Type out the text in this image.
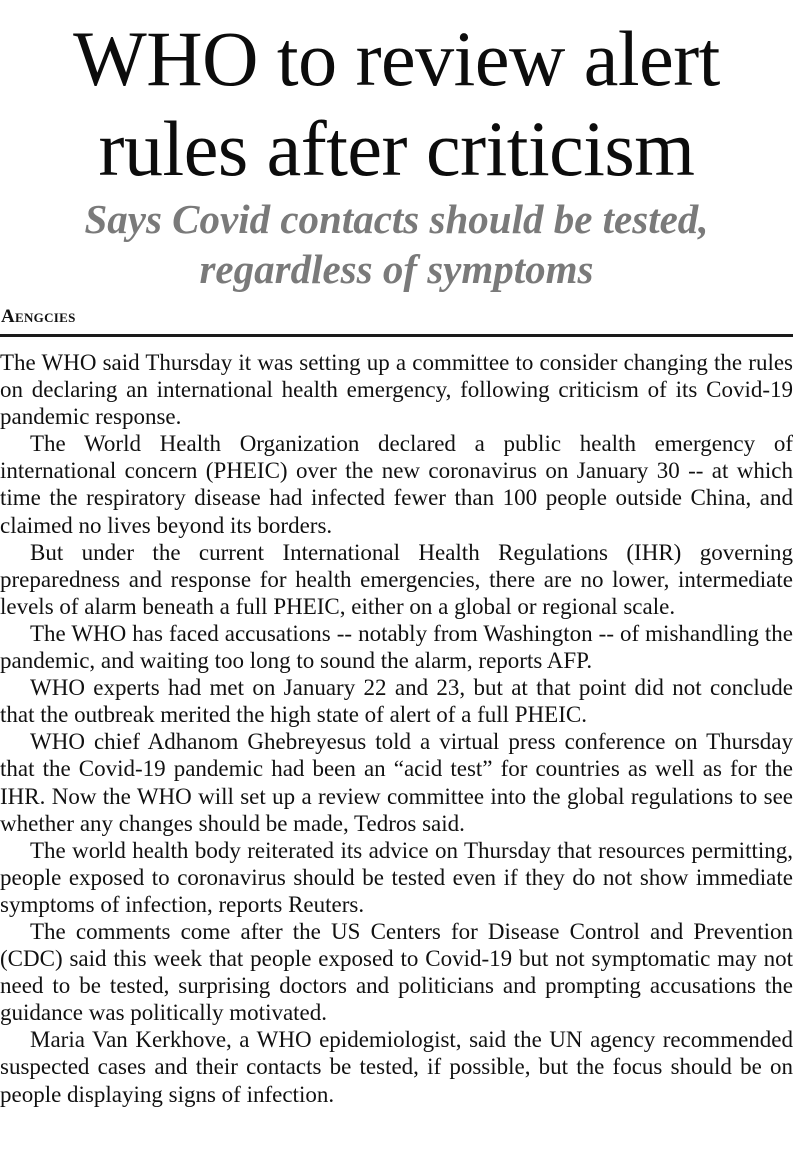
WHO to review alert
rules after criticism
Says Covid contacts should be tested,
regardless of symptoms
Aengcies

The WHO said Thursday it was setting up a committee to consider changing the rules on declaring an international health emergency, following criticism of its Covid-19 pandemic response.

The World Health Organization declared a public health emergency of international concern (PHEIC) over the new coronavirus on January 30 -- at which time the respiratory disease had infected fewer than 100 people outside China, and claimed no lives beyond its borders.

But under the current International Health Regulations (IHR) governing preparedness and response for health emergencies, there are no lower, intermediate levels of alarm beneath a full PHEIC, either on a global or regional scale.

The WHO has faced accusations -- notably from Washington -- of mishandling the pandemic, and waiting too long to sound the alarm, reports AFP.

WHO experts had met on January 22 and 23, but at that point did not conclude that the outbreak merited the high state of alert of a full PHEIC.

WHO chief Adhanom Ghebreyesus told a virtual press conference on Thursday that the Covid-19 pandemic had been an “acid test” for countries as well as for the IHR. Now the WHO will set up a review committee into the global regulations to see whether any changes should be made, Tedros said.

The world health body reiterated its advice on Thursday that resources permitting, people exposed to coronavirus should be tested even if they do not show immediate symptoms of infection, reports Reuters.

The comments come after the US Centers for Disease Control and Prevention (CDC) said this week that people exposed to Covid-19 but not symptomatic may not need to be tested, surprising doctors and politicians and prompting accusations the guidance was politically motivated.

Maria Van Kerkhove, a WHO epidemiologist, said the UN agency recommended suspected cases and their contacts be tested, if possible, but the focus should be on people displaying signs of infection.
